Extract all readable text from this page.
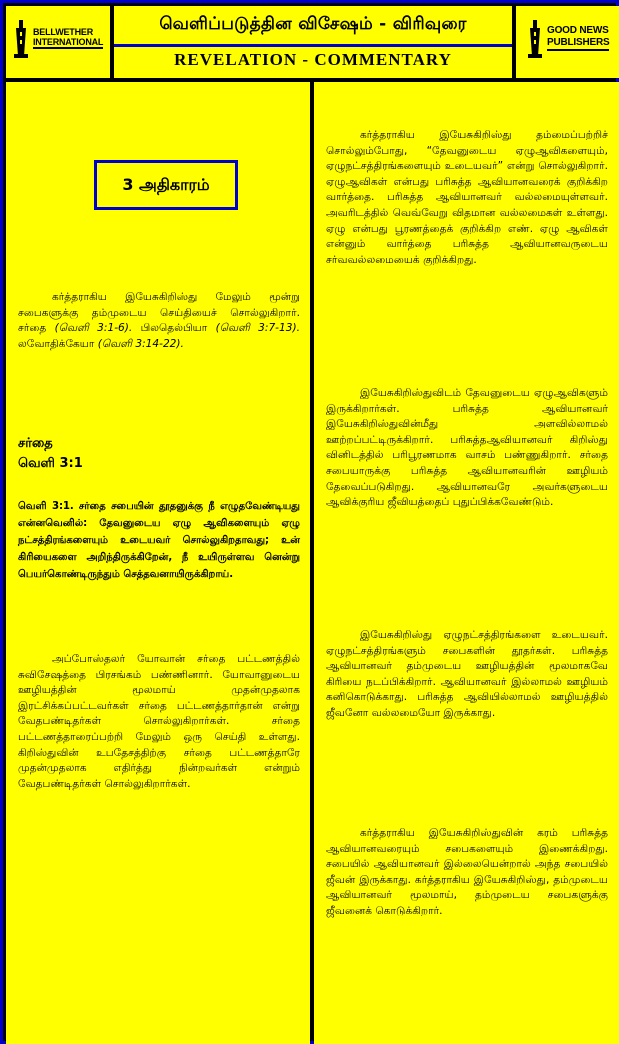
BELLWETHER
INTERNATIONAL
வெளிப்படுத்தின விசேஷம் - விரிவுரை
REVELATION - COMMENTARY
GOOD NEWS
PUBLISHERS
3 அதிகாரம்
கர்த்தராகிய இயேசுகிறிஸ்து மேலும் மூன்று சபைகளுக்கு தம்முடைய செய்தியைச் சொல்லுகிறார். சர்தை (வெளி 3:1-6). பிலதெல்பியா (வெளி 3:7-13). லவோதிக்கேயா (வெளி 3:14-22).
சர்தை
வெளி 3:1
வெளி 3:1. சர்தை சபையின் தூதனுக்கு நீ எழுதவேண்டியது என்னவெனில்: தேவனுடைய ஏழு ஆவிகளையும் ஏழு நட்சத்திரங்களையும் உடையவர் சொல்லுகிறதாவது; உன் கிரியைகளை அறிந்திருக்கிறேன், நீ உயிருள்ளவ னென்று பெயர்கொண்டிருந்தும் செத்தவனாயிருக்கிறாய்.
அப்போஸ்தலர் யோவான் சர்தை பட்டணத்தில் சுவிசேஷத்தை பிரசங்கம் பண்ணினார். யோவானுடைய ஊழியத்தின் மூலமாய் முதன்முதலாக இரட்சிக்கப்பட்டவர்கள் சர்தை பட்டணத்தார்தான் என்று வேதபண்டிதர்கள் சொல்லுகிறார்கள். சர்தை பட்டணத்தாரைப்பற்றி மேலும் ஒரு செய்தி உள்ளது. கிறிஸ்துவின் உபதேசத்திற்கு சர்தை பட்டணத்தாரே முதன்முதலாக எதிர்த்து நின்றவர்கள் என்றும் வேதபண்டிதர்கள் சொல்லுகிறார்கள்.
கர்த்தராகிய இயேசுகிறிஸ்து தம்மைப்பற்றிச் சொல்லும்போது, “தேவனுடைய ஏழுஆவிகளையும், ஏழுநட்சத்திரங்களையும் உடையவர்” என்று சொல்லுகிறார். ஏழுஆவிகள் என்பது பரிசுத்த ஆவியானவரைக் குறிக்கிற வார்த்தை. பரிசுத்த ஆவியானவர் வல்லமையுள்ளவர். அவரிடத்தில் வெவ்வேறு விதமான வல்லமைகள் உள்ளது. ஏழு என்பது பூரணத்தைக் குறிக்கிற எண். ஏழு ஆவிகள் என்னும் வார்த்தை பரிசுத்த ஆவியானவருடைய சர்வவல்லமையைக் குறிக்கிறது.
இயேசுகிறிஸ்துவிடம் தேவனுடைய ஏழுஆவிகளும் இருக்கிறார்கள். பரிசுத்த ஆவியானவர் இயேசுகிறிஸ்துவின்மீது அளவில்லாமல் ஊற்றப்பட்டிருக்கிறார். பரிசுத்தஆவியானவர் கிறிஸ்து வினிடத்தில் பரிபூரணமாக வாசம் பண்ணுகிறார். சர்தை சபையாருக்கு பரிசுத்த ஆவியானவரின் ஊழியம் தேவைப்படுகிறது. ஆவியானவரே அவர்களுடைய ஆவிக்குரிய ஜீவியத்தைப் புதுப்பிக்கவேண்டும்.
இயேசுகிறிஸ்து ஏழுநட்சத்திரங்களை உடையவர். ஏழுநட்சத்திரங்களும் சபைகளின் தூதர்கள். பரிசுத்த ஆவியானவர் தம்முடைய ஊழியத்தின் மூலமாகவே கிரியை நடப்பிக்கிறார். ஆவியானவர் இல்லாமல் ஊழியம் கனிகொடுக்காது. பரிசுத்த ஆவியில்லாமல் ஊழியத்தில் ஜீவனோ வல்லமையோ இருக்காது.
கர்த்தராகிய இயேசுகிறிஸ்துவின் கரம் பரிசுத்த ஆவியானவரையும் சபைகளையும் இணைக்கிறது. சபையில் ஆவியானவர் இல்லையென்றால் அந்த சபையில் ஜீவன் இருக்காது. கர்த்தராகிய இயேசுகிறிஸ்து, தம்முடைய ஆவியானவர் மூலமாய், தம்முடைய சபைகளுக்கு ஜீவனைக் கொடுக்கிறார்.
